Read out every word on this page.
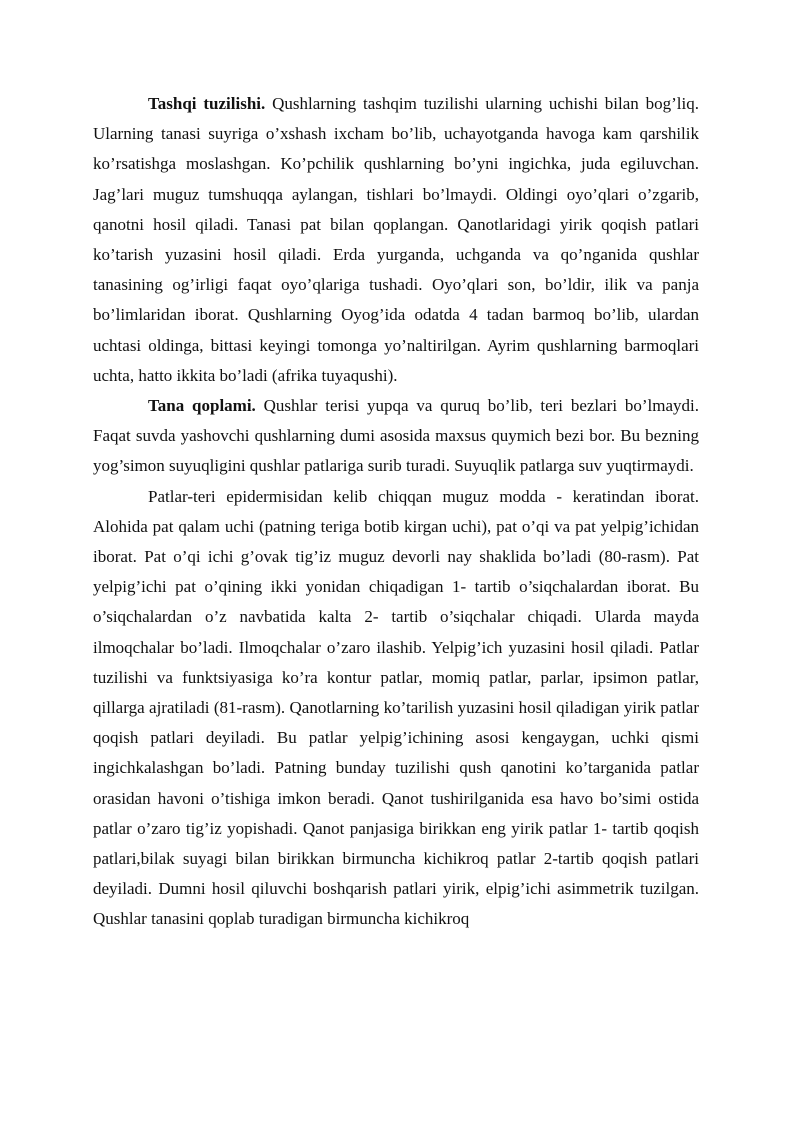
Tashqi tuzilishi. Qushlarning tashqim tuzilishi ularning uchishi bilan bog’liq. Ularning tanasi suyriga o’xshash ixcham bo’lib, uchayotganda havoga kam qarshilik ko’rsatishga moslashgan. Ko’pchilik qushlarning bo’yni ingichka, juda egiluvchan. Jag’lari muguz tumshuqqa aylangan, tishlari bo’lmaydi. Oldingi oyo’qlari o’zgarib, qanotni hosil qiladi. Tanasi pat bilan qoplangan. Qanotlaridagi yirik qoqish patlari ko’tarish yuzasini hosil qiladi. Erda yurganda, uchganda va qo’nganida qushlar tanasining og’irligi faqat oyo’qlariga tushadi. Oyo’qlari son, bo’ldir, ilik va panja bo’limlaridan iborat. Qushlarning Oyog’ida odatda 4 tadan barmoq bo’lib, ulardan uchtasi oldinga, bittasi keyingi tomonga yo’naltirilgan. Ayrim qushlarning barmoqlari uchta, hatto ikkita bo’ladi (afrika tuyaqushi).

Tana qoplami. Qushlar terisi yupqa va quruq bo’lib, teri bezlari bo’lmaydi. Faqat suvda yashovchi qushlarning dumi asosida maxsus quymich bezi bor. Bu bezning yog’simon suyuqligini qushlar patlariga surib turadi. Suyuqlik patlarga suv yuqtirmaydi.

Patlar-teri epidermisidan kelib chiqqan muguz modda - keratindan iborat. Alohida pat qalam uchi (patning teriga botib kirgan uchi), pat o’qi va pat yelpig’ichidan iborat. Pat o’qi ichi g’ovak tig’iz muguz devorli nay shaklida bo’ladi (80-rasm). Pat yelpig’ichi pat o’qining ikki yonidan chiqadigan 1- tartib o’siqchalardan iborat. Bu o’siqchalardan o’z navbatida kalta 2- tartib o’siqchalar chiqadi. Ularda mayda ilmoqchalar bo’ladi. Ilmoqchalar o’zaro ilashib. Yelpig’ich yuzasini hosil qiladi. Patlar tuzilishi va funktsiyasiga ko’ra kontur patlar, momiq patlar, parlar, ipsimon patlar, qillarga ajratiladi (81-rasm). Qanotlarning ko’tarilish yuzasini hosil qiladigan yirik patlar qoqish patlari deyiladi. Bu patlar yelpig’ichining asosi kengaygan, uchki qismi ingichkalashgan bo’ladi. Patning bunday tuzilishi qush qanotini ko’targanida patlar orasidan havoni o’tishiga imkon beradi. Qanot tushirilganida esa havo bo’simi ostida patlar o’zaro tig’iz yopishadi. Qanot panjasiga birikkan eng yirik patlar 1- tartib qoqish patlari,bilak suyagi bilan birikkan birmuncha kichikroq patlar 2-tartib qoqish patlari deyiladi. Dumni hosil qiluvchi boshqarish patlari yirik, elpig’ichi asimmetrik tuzilgan. Qushlar tanasini qoplab turadigan birmuncha kichikroq
